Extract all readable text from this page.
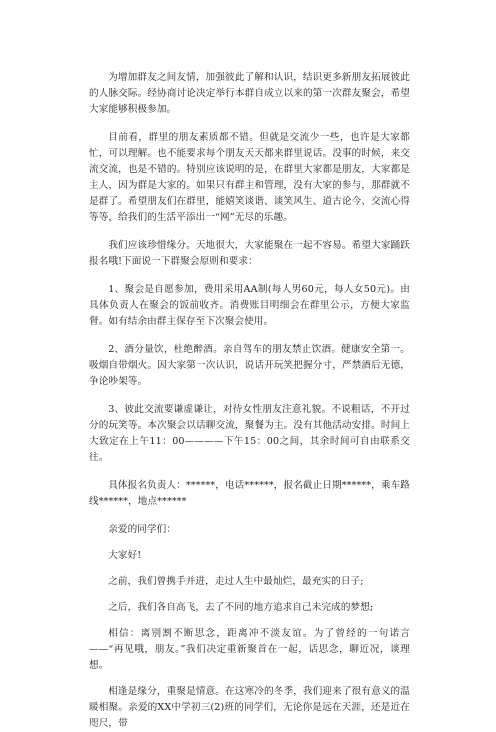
为增加群友之间友情，加强彼此了解和认识，结识更多新朋友拓展彼此的人脉交际。经协商讨论决定举行本群自成立以来的第一次群友聚会，希望大家能够积极参加。

目前看，群里的朋友素质都不错。但就是交流少一些，也许是大家都忙，可以理解。也不能要求每个朋友天天都来群里说话。没事的时候，来交流交流，也是不错的。特别应该说明的是，在群里大家都是朋友，大家都是主人，因为群是大家的。如果只有群主和管理，没有大家的参与，那群就不是群了。希望朋友们在群里，能嬉笑谈谐、谈笑风生、道古论今、交流心得等等，给我们的生活平添出一“网”无尽的乐趣。

我们应该珍惜缘分。天地很大，大家能聚在一起不容易。希望大家踊跃报名哦!下面说一下群聚会原则和要求：

1、聚会是自愿参加，费用采用AA制(每人男60元，每人女50元)。由具体负责人在聚会的饭前收齐。消费账目明细会在群里公示，方便大家监督。如有结余由群主保存至下次聚会使用。

2、酒分量饮，杜绝醉酒。亲自驾车的朋友禁止饮酒。健康安全第一。吸烟自带烟火。因大家第一次认识，说话开玩笑把握分寸，严禁酒后无德，争论吵架等。

3、彼此交流要谦虚谦让，对待女性朋友注意礼貌。不说粗话，不开过分的玩笑等。本次聚会以话聊交流，聚餐为主。没有其他活动安排。时间上大致定在上午11：00————下午15：00之间，其余时间可自由联系交往。

具体报名负责人：******，电话******，报名截止日期******，乘车路线******，地点******

亲爱的同学们：

大家好!

之前，我们曾携手并进，走过人生中最灿烂，最充实的日子;

之后，我们各自高飞，去了不同的地方追求自己未完成的梦想;

相信：离别割不断思念，距离冲不淡友谊。为了曾经的一句诺言——“再见哦，朋友。”我们决定重新聚首在一起，话思念，聊近况，谈理想。

相逢是缘分，重聚是情意。在这寒冷的冬季，我们迎来了很有意义的温暖相聚。亲爱的XX中学初三(2)班的同学们，无论你是远在天涯，还是近在咫尺，带
